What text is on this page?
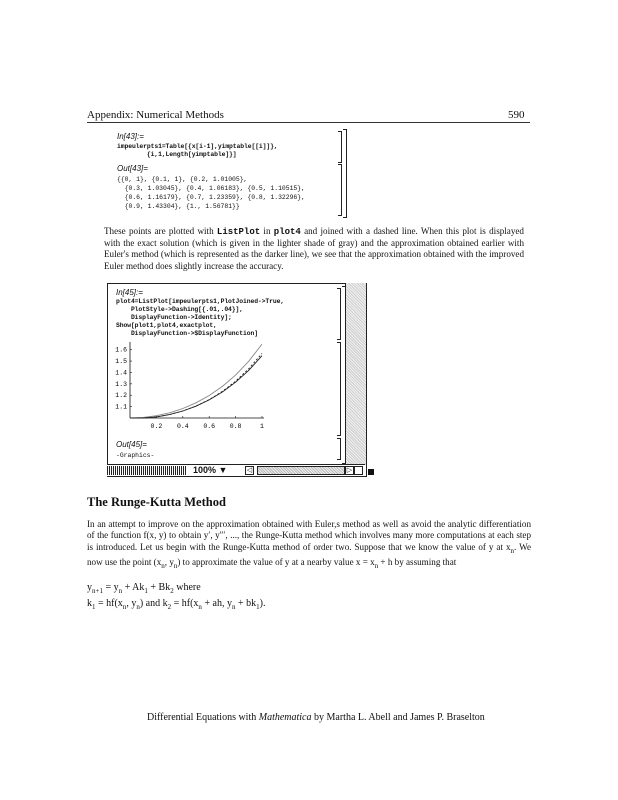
Appendix: Numerical Methods	590
In[43]:=
impeulerpts1=Table[{x[i-1],yimptable[[i]]},
{i,1,Length[yimptable]}]
Out[43]=
{{0, 1}, {0.1, 1}, {0.2, 1.01005},
{0.3, 1.03045}, {0.4, 1.06183}, {0.5, 1.10515},
{0.6, 1.16179}, {0.7, 1.23359}, {0.8, 1.32296},
{0.9, 1.43304}, {1., 1.56781}}
These points are plotted with ListPlot in plot4 and joined with a dashed line. When this plot is displayed with the exact solution (which is given in the lighter shade of gray) and the approximation obtained earlier with Euler's method (which is represented as the darker line), we see that the approximation obtained with the improved Euler method does slightly increase the accuracy.
In[45]:=
plot4=ListPlot[impeulerpts1,PlotJoined->True,
PlotStyle->Dashing[{.01,.04}],
DisplayFunction->Identity];
Show[plot1,plot4,exactplot,
DisplayFunction->$DisplayFunction]
Out[45]=
-Graphics-
0.2 0.4 0.6 0.8	1
1.6
1.5
1.4
1.3
1.2
1.1
100% ▼	◁	▷
The Runge-Kutta Method
In an attempt to improve on the approximation obtained with Euler,s method as well as avoid the analytic differentiation of the function f(x, y) to obtain y′, y″′, ..., the Runge-Kutta method which involves many more computations at each step is introduced. Let us begin with the Runge-Kutta method of order two. Suppose that we know the value of y at $x_n$. We now use the point ($x_n$, $y_n$) to approximate the value of y at a nearby value $x = x_n + h$ by assuming that
$y_{n+1} = y_n + Ak_1 + Bk_2$ where
$k_1 = hf(x_n$, $y_n$) and $k_2 = hf(x_n$ + ah, $y_n + bk_1$).
Differential Equations with Mathematica by Martha L. Abell and James P. Braselton
